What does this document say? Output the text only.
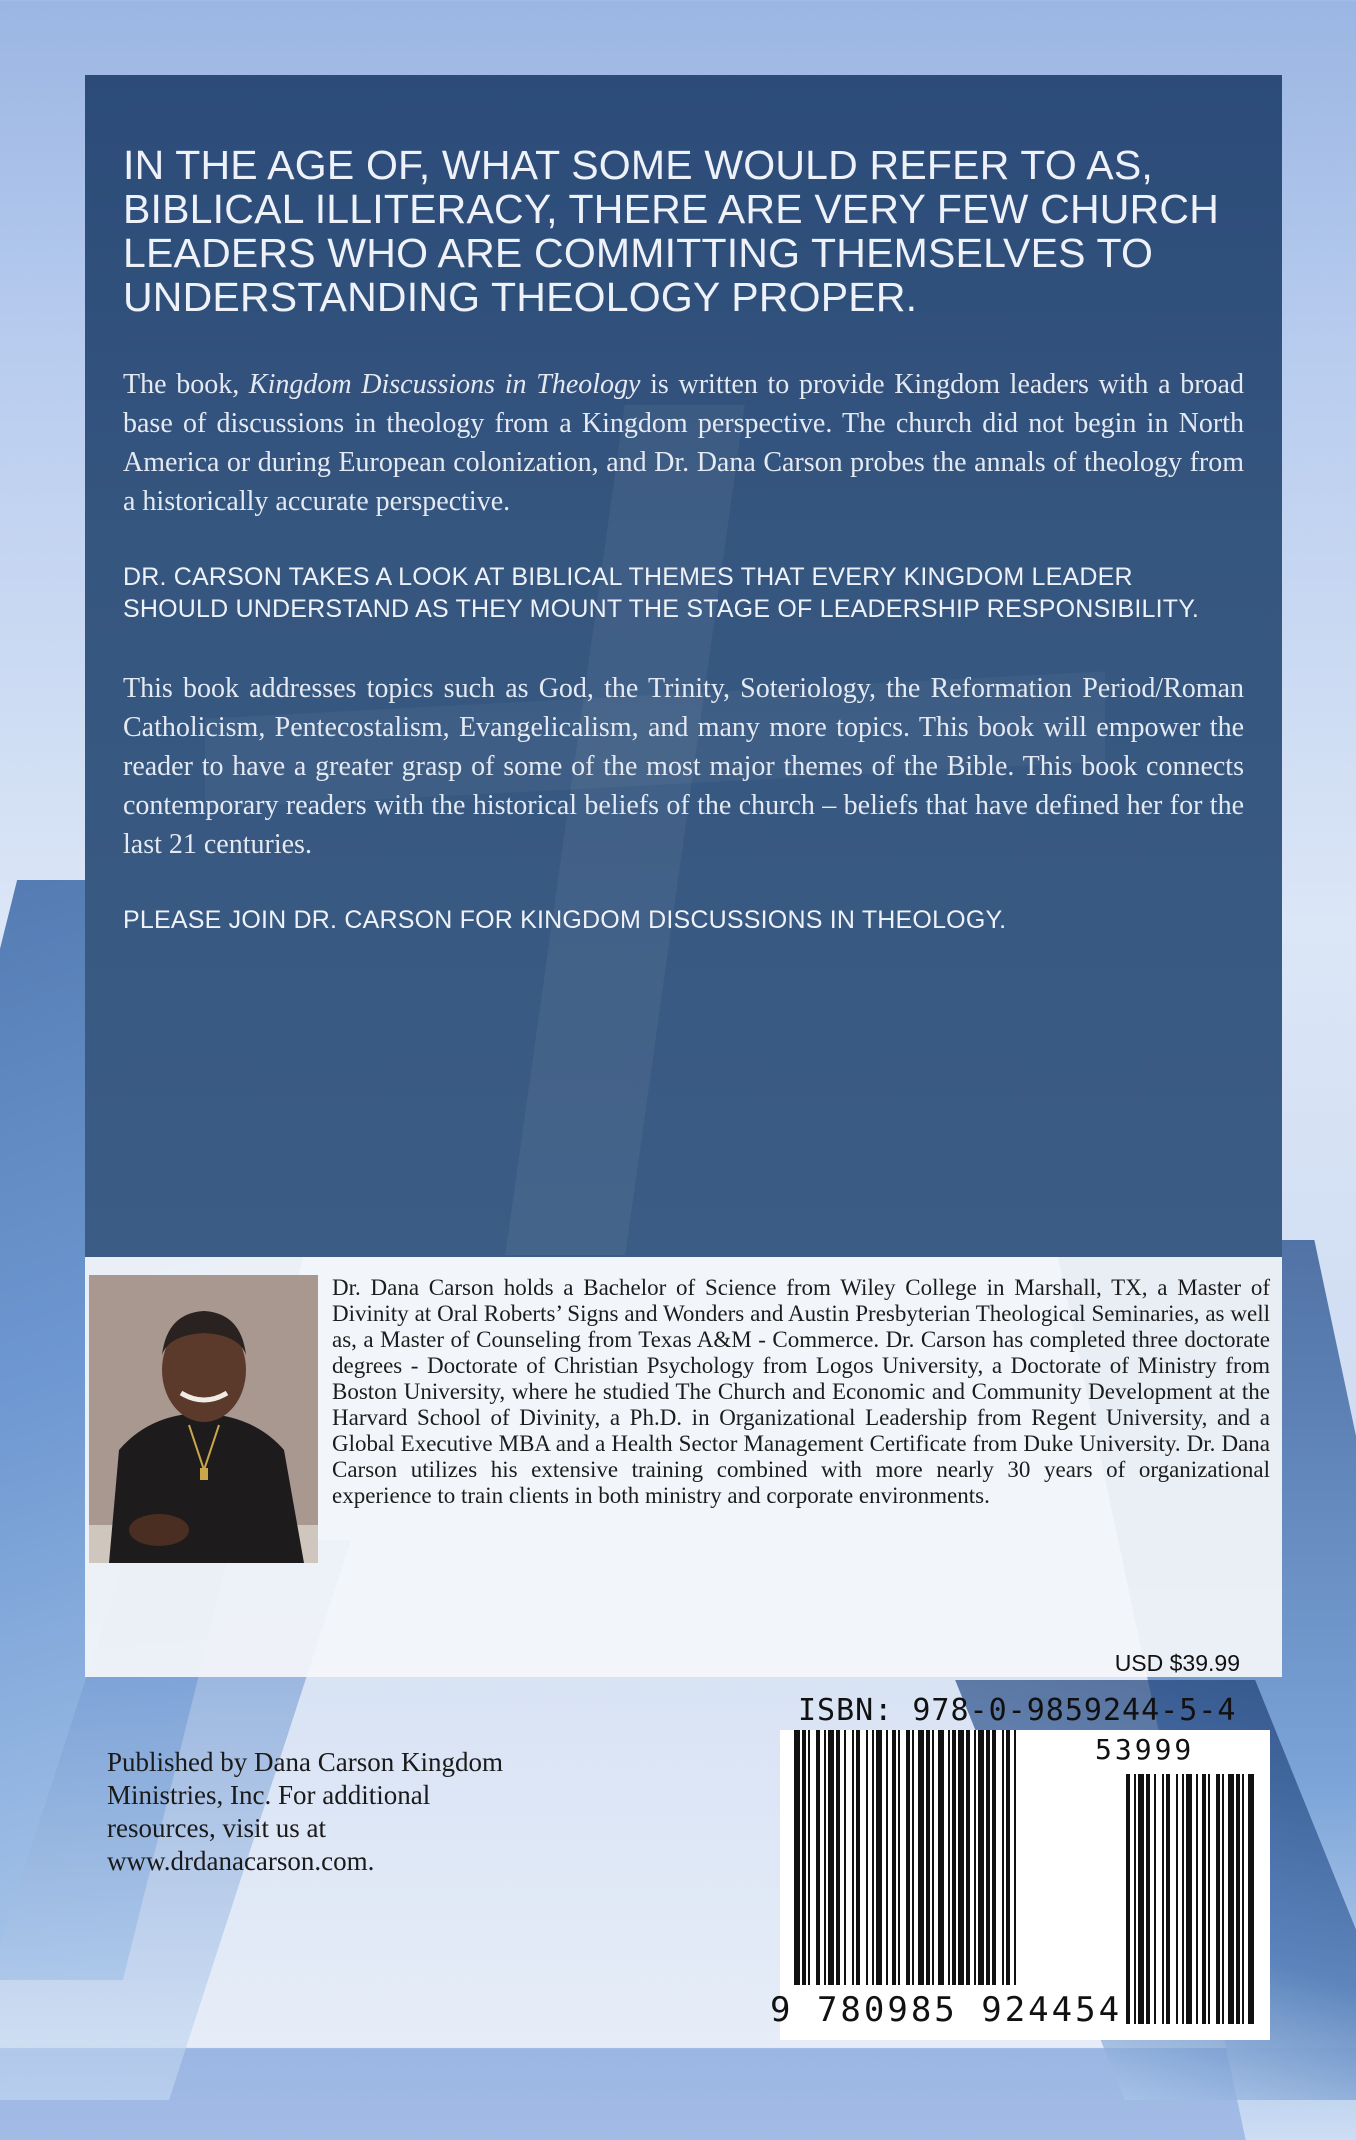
IN THE AGE OF, WHAT SOME WOULD REFER TO AS, BIBLICAL ILLITERACY, THERE ARE VERY FEW CHURCH LEADERS WHO ARE COMMITTING THEMSELVES TO UNDERSTANDING THEOLOGY PROPER.

The book, Kingdom Discussions in Theology is written to provide Kingdom leaders with a broad base of discussions in theology from a Kingdom perspective. The church did not begin in North America or during European colonization, and Dr. Dana Carson probes the annals of theology from a historically accurate perspective.

DR. CARSON TAKES A LOOK AT BIBLICAL THEMES THAT EVERY KINGDOM LEADER SHOULD UNDERSTAND AS THEY MOUNT THE STAGE OF LEADERSHIP RESPONSIBILITY.

This book addresses topics such as God, the Trinity, Soteriology, the Reformation Period/Roman Catholicism, Pentecostalism, Evangelicalism, and many more topics. This book will empower the reader to have a greater grasp of some of the most major themes of the Bible. This book connects contemporary readers with the historical beliefs of the church – beliefs that have defined her for the last 21 centuries.

PLEASE JOIN DR. CARSON FOR KINGDOM DISCUSSIONS IN THEOLOGY.

Dr. Dana Carson holds a Bachelor of Science from Wiley College in Marshall, TX, a Master of Divinity at Oral Roberts’ Signs and Wonders and Austin Presbyterian Theological Seminaries, as well as, a Master of Counseling from Texas A&M - Commerce. Dr. Carson has completed three doctorate degrees - Doctorate of Christian Psychology from Logos University, a Doctorate of Ministry from Boston University, where he studied The Church and Economic and Community Development at the Harvard School of Divinity, a Ph.D. in Organizational Leadership from Regent University, and a Global Executive MBA and a Health Sector Management Certificate from Duke University. Dr. Dana Carson utilizes his extensive training combined with more nearly 30 years of organizational experience to train clients in both ministry and corporate environments.

USD $39.99
ISBN: 978-0-9859244-5-4
53999
9 780985 924454

Published by Dana Carson Kingdom Ministries, Inc. For additional resources, visit us at www.drdanacarson.com.
